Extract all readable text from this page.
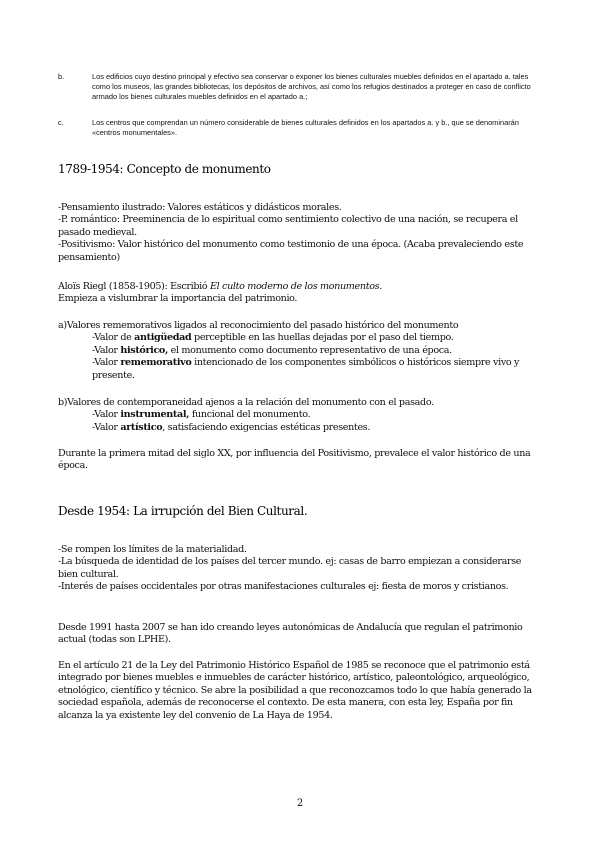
b.	Los edificios cuyo destino principal y efectivo sea conservar o exponer los bienes culturales muebles definidos en el apartado a. tales como los museos, las grandes bibliotecas, los depósitos de archivos, así como los refugios destinados a proteger en caso de conflicto armado los bienes culturales muebles definidos en el apartado a.;
c.	Los centros que comprendan un número considerable de bienes culturales definidos en los apartados a. y b., que se denominarán «centros monumentales».
1789-1954: Concepto de monumento

-Pensamiento ilustrado: Valores estáticos y didásticos morales.

-P. romántico: Preeminencia de lo espiritual como sentimiento colectivo de una nación, se recupera el pasado medieval.

-Positivismo: Valor histórico del monumento como testimonio de una época. (Acaba prevaleciendo este pensamiento)

Aloïs Riegl (1858-1905): Escribió El culto moderno de los monumentos.

Empieza a vislumbrar la importancia del patrimonio.

a)Valores rememorativos ligados al reconocimiento del pasado histórico del monumento

-Valor de antigüedad perceptible en las huellas dejadas por el paso del tiempo.

-Valor histórico, el monumento como documento representativo de una época.

-Valor rememorativo intencionado de los componentes simbólicos o históricos siempre vivo y presente.

b)Valores de contemporaneidad ajenos a la relación del monumento con el pasado.

-Valor instrumental, funcional del monumento.

-Valor artístico, satisfaciendo exigencias estéticas presentes.

Durante la primera mitad del siglo XX, por influencia del Positivismo, prevalece el valor histórico de una época.
Desde 1954: La irrupción del Bien Cultural.

-Se rompen los límites de la materialidad.

-La búsqueda de identidad de los países del tercer mundo. ej: casas de barro empiezan a considerarse bien cultural.

-Interés de países occidentales por otras manifestaciones culturales ej: fiesta de moros y cristianos.

Desde 1991 hasta 2007 se han ido creando leyes autonómicas de Andalucía que regulan el patrimonio actual (todas son LPHE).
En el artículo 21 de la Ley del Patrimonio Histórico Español de 1985 se reconoce que el patrimonio está integrado por bienes muebles e inmuebles de carácter histórico, artístico, paleontológico, arqueológico, etnológico, científico y técnico. Se abre la posibilidad a que reconozcamos todo lo que había generado la sociedad española, además de reconocerse el contexto. De esta manera, con esta ley, España por fin alcanza la ya existente ley del convenio de La Haya de 1954.
2
